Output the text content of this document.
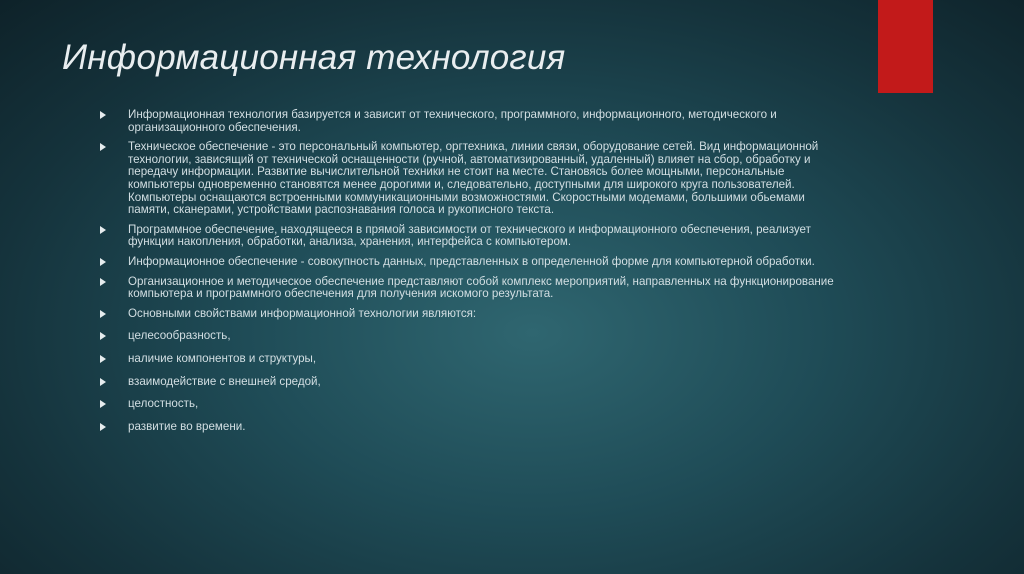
Информационная технология
Информационная технология базируется и зависит от технического, программного, информационного, методического и организационного обеспечения.
Техническое обеспечение - это персональный компьютер, оргтехника, линии связи, оборудование сетей. Вид информационной технологии, зависящий от технической оснащенности (ручной, автоматизированный, удаленный) влияет на сбор, обработку и передачу информации. Развитие вычислительной техники не стоит на месте. Становясь более мощными, персональные компьютеры одновременно становятся менее дорогими и, следовательно, доступными для широкого круга пользователей. Компьютеры оснащаются встроенными коммуникационными возможностями. Скоростными модемами, большими обьемами памяти, сканерами, устройствами распознавания голоса и рукописного текста.
Программное обеспечение, находящееся в прямой зависимости от технического и информационного обеспечения, реализует функции накопления, обработки, анализа, хранения, интерфейса с компьютером.
Информационное обеспечение - совокупность данных, представленных в определенной форме для компьютерной обработки.
Организационное и методическое обеспечение представляют собой комплекс мероприятий, направленных на функционирование компьютера и программного обеспечения для получения искомого результата.
Основными свойствами информационной технологии являются:
целесообразность,
наличие компонентов и структуры,
взаимодействие с внешней средой,
целостность,
развитие во времени.
